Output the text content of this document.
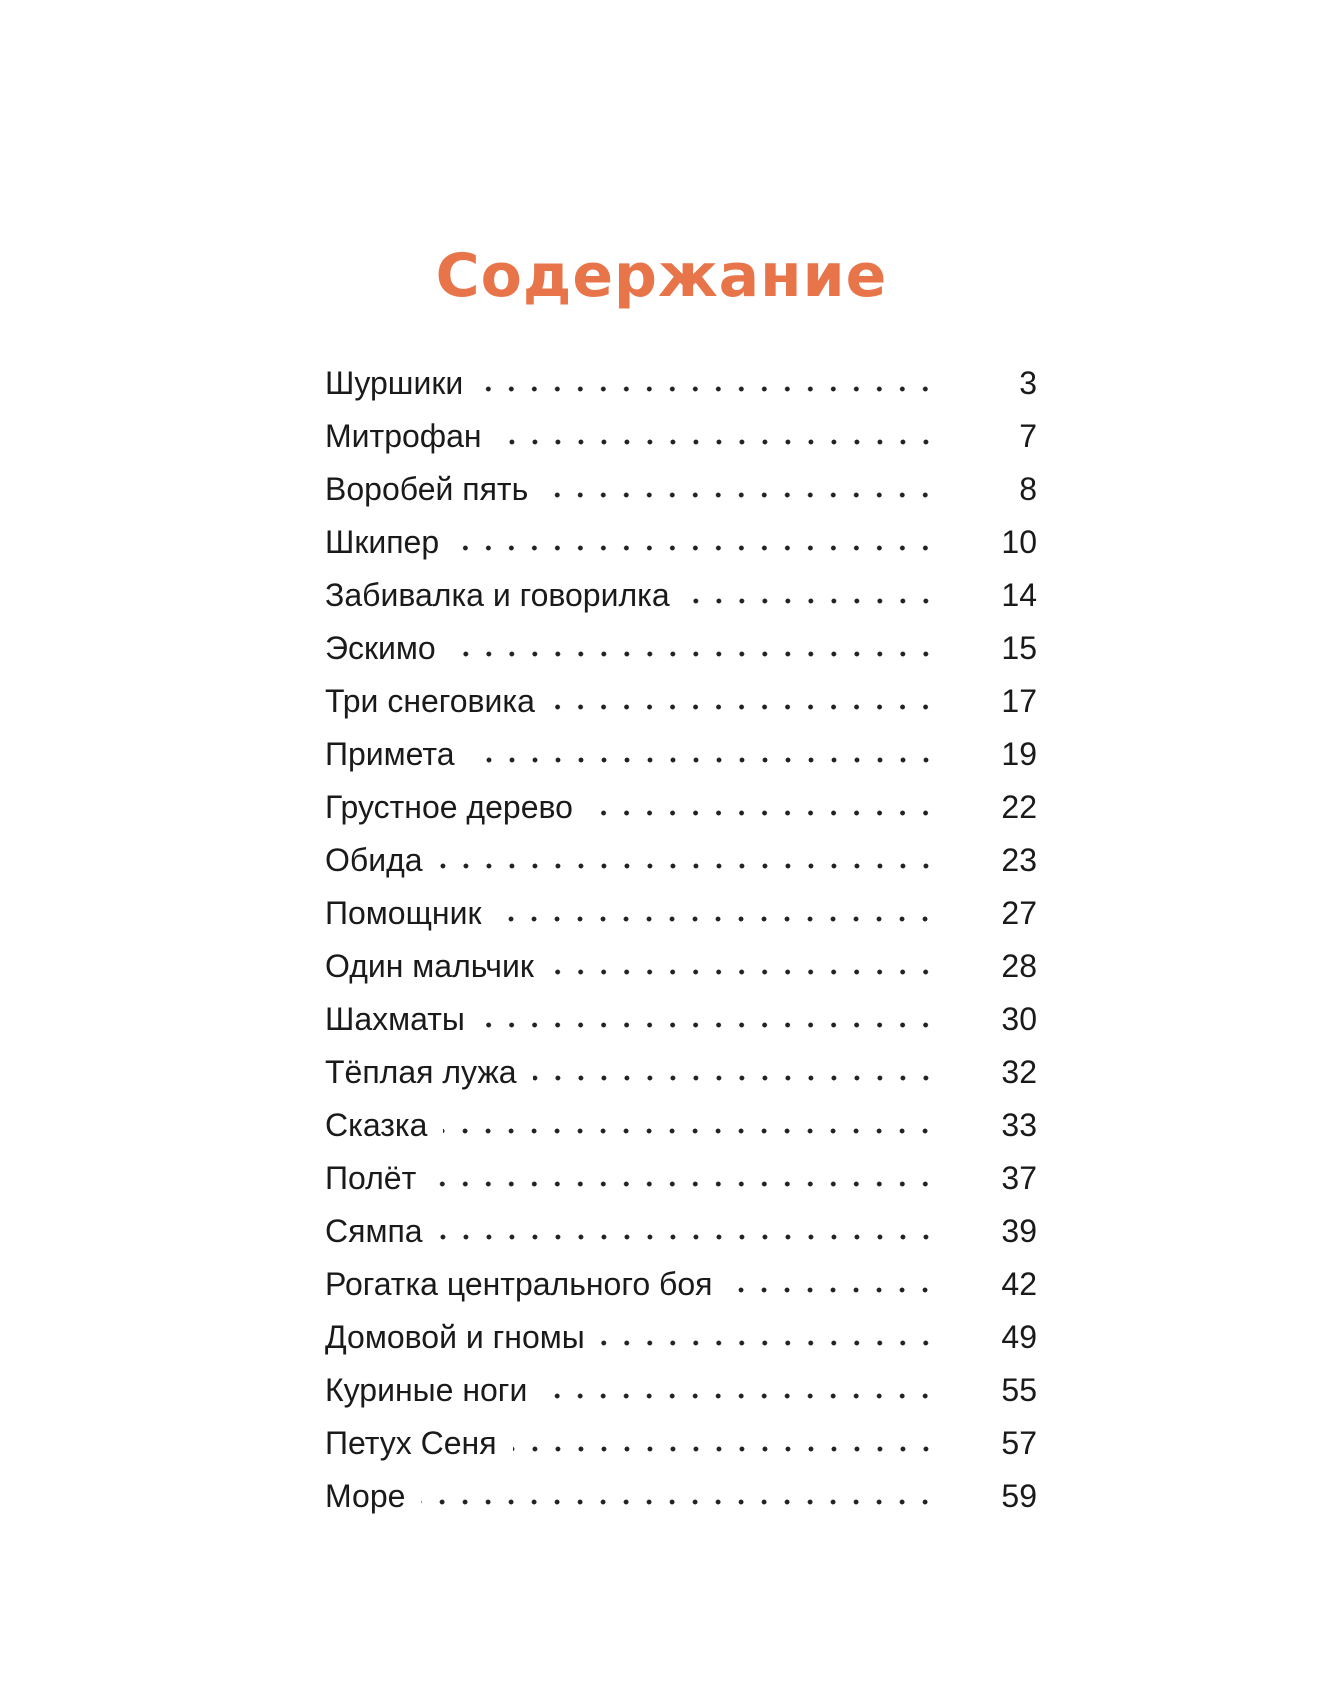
Содержание
Шуршики	3
Митрофан	7
Воробей пять	8
Шкипер	10
Забивалка и говорилка	14
Эскимо	15
Три снеговика	17
Примета	19
Грустное дерево	22
Обида	23
Помощник	27
Один мальчик	28
Шахматы	30
Тёплая лужа	32
Сказка	33
Полёт	37
Сямпа	39
Рогатка центрального боя	42
Домовой и гномы	49
Куриные ноги	55
Петух Сеня	57
Море	59
